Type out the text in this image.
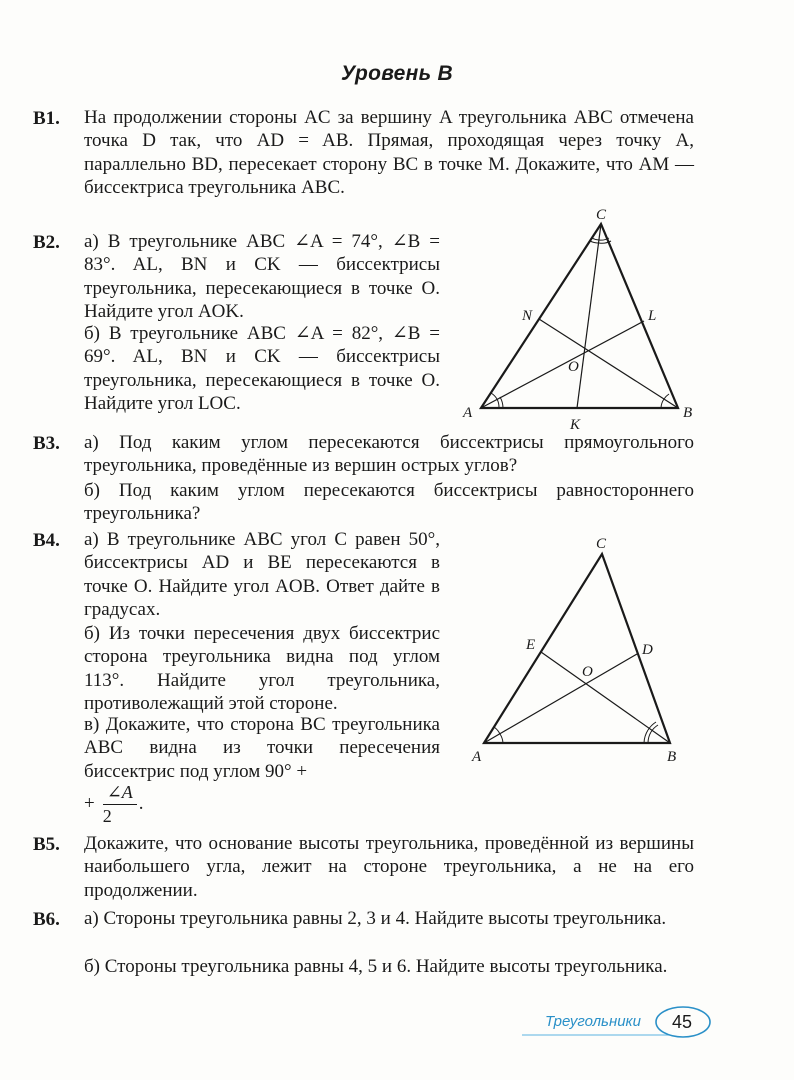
Уровень В
B1. На продолжении стороны AC за вершину A треугольника ABC отмечена точка D так, что AD = AB. Прямая, проходящая через точку A, параллельно BD, пересекает сторону BC в точке M. Докажите, что AM — биссектриса треугольника ABC.
B2. а) В треугольнике ABC ∠A = 74°, ∠B = 83°. AL, BN и CK — биссектрисы треугольника, пересекающиеся в точке O. Найдите угол AOK.
б) В треугольнике ABC ∠A = 82°, ∠B = 69°. AL, BN и CK — биссектрисы треугольника, пересекающиеся в точке O. Найдите угол LOC.
C
N	L
O
A	B
K
B3. а) Под каким углом пересекаются биссектрисы прямоугольного треугольника, проведённые из вершин острых углов?
б) Под каким углом пересекаются биссектрисы равностороннего треугольника?
B4. а) В треугольнике ABC угол C равен 50°, биссектрисы AD и BE пересекаются в точке O. Найдите угол AOB. Ответ дайте в градусах.
б) Из точки пересечения двух биссектрис сторона треугольника видна под углом 113°. Найдите угол треугольника, противолежащий этой стороне.
в) Докажите, что сторона BC треугольника ABC видна из точки пересечения биссектрис под углом 90° +
+ $\frac{\angle A}{2}$ .
C
E	D
O
A	B
B5. Докажите, что основание высоты треугольника, проведённой из вершины наибольшего угла, лежит на стороне треугольника, а не на его продолжении.
B6. а) Стороны треугольника равны 2, 3 и 4. Найдите высоты треугольника.
б) Стороны треугольника равны 4, 5 и 6. Найдите высоты треугольника.
Треугольники 45
